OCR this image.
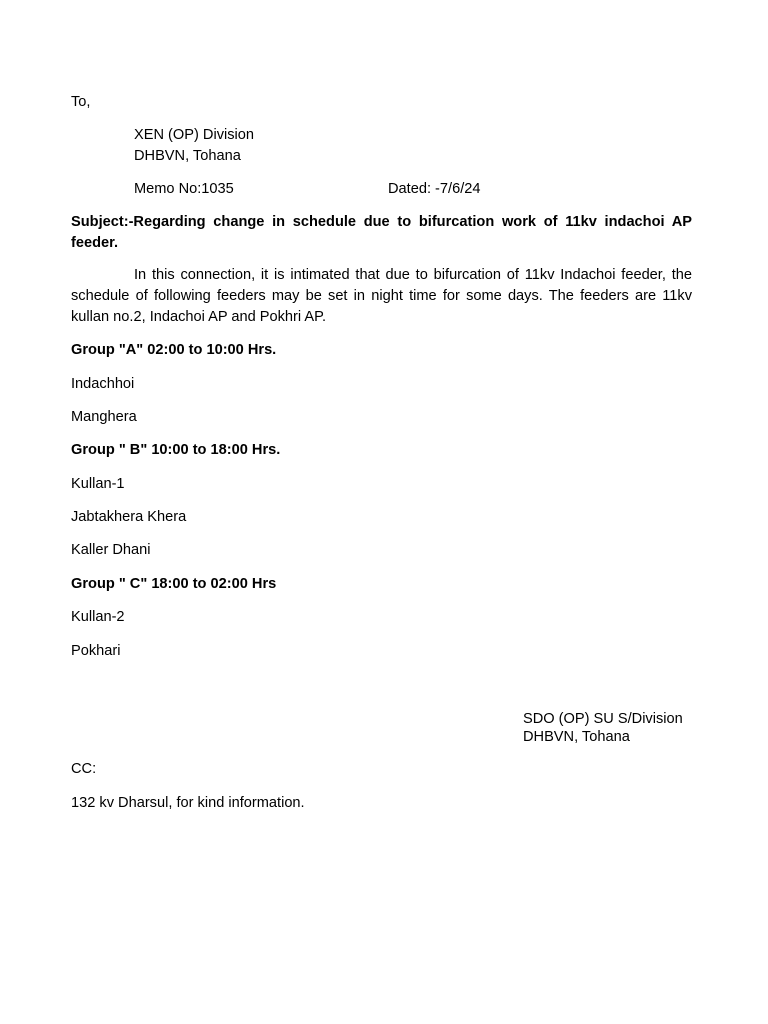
To,
XEN (OP) Division
DHBVN, Tohana
Memo No:1035	Dated: -7/6/24
Subject:-Regarding change in schedule due to bifurcation work of 11kv indachoi AP feeder.
In this connection, it is intimated that due to bifurcation of 11kv Indachoi feeder, the schedule of following feeders may be set in night time for some days. The feeders are 11kv kullan no.2, Indachoi AP and Pokhri AP.
Group "A" 02:00 to 10:00 Hrs.
Indachhoi
Manghera
Group " B" 10:00 to 18:00 Hrs.
Kullan-1
Jabtakhera Khera
Kaller Dhani
Group " C" 18:00 to 02:00 Hrs
Kullan-2
Pokhari
SDO (OP) SU S/Division
DHBVN, Tohana
CC:
132 kv Dharsul, for kind information.
